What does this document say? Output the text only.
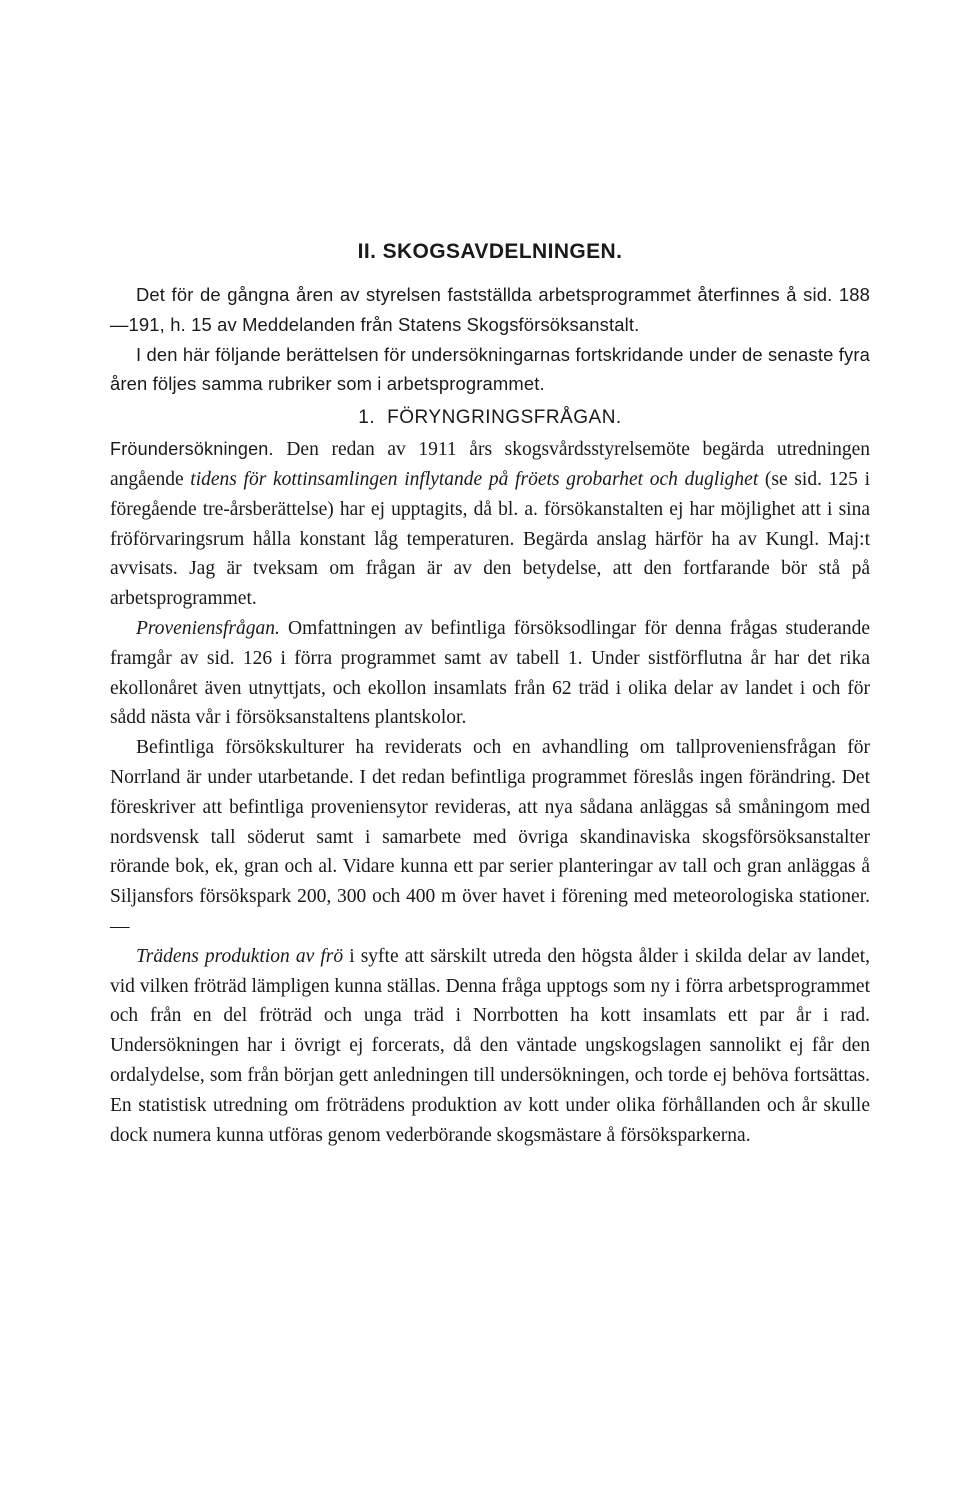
II. SKOGSAVDELNINGEN.

Det för de gångna åren av styrelsen fastställda arbetsprogrammet återfinnes å sid. 188—191, h. 15 av Meddelanden från Statens Skogsförsöksanstalt.

I den här följande berättelsen för undersökningarnas fortskridande under de senaste fyra åren följes samma rubriker som i arbetsprogrammet.

1. FÖRYNGRINGSFRÅGAN.

Fröundersökningen. Den redan av 1911 års skogsvårdsstyrelsemöte begärda utredningen angående tidens för kottinsamlingen inflytande på fröets grobarhet och duglighet (se sid. 125 i föregående tre-årsberättelse) har ej upptagits, då bl. a. försökanstalten ej har möjlighet att i sina fröförvaringsrum hålla konstant låg temperaturen. Begärda anslag härför ha av Kungl. Maj:t avvisats. Jag är tveksam om frågan är av den betydelse, att den fortfarande bör stå på arbetsprogrammet.

Proveniensfrågan. Omfattningen av befintliga försöksodlingar för denna frågas studerande framgår av sid. 126 i förra programmet samt av tabell 1. Under sistförflutna år har det rika ekollonåret även utnyttjats, och ekollon insamlats från 62 träd i olika delar av landet i och för sådd nästa vår i försöksanstaltens plantskolor.

Befintliga försökskulturer ha reviderats och en avhandling om tallproveniensfrågan för Norrland är under utarbetande. I det redan befintliga programmet föreslås ingen förändring. Det föreskriver att befintliga proveniensytor revideras, att nya sådana anläggas så småningom med nordsvensk tall söderut samt i samarbete med övriga skandinaviska skogsförsöksanstalter rörande bok, ek, gran och al. Vidare kunna ett par serier planteringar av tall och gran anläggas å Siljansfors försökspark 200, 300 och 400 m över havet i förening med meteorologiska stationer. —

Trädens produktion av frö i syfte att särskilt utreda den högsta ålder i skilda delar av landet, vid vilken fröträd lämpligen kunna ställas. Denna fråga upptogs som ny i förra arbetsprogrammet och från en del fröträd och unga träd i Norrbotten ha kott insamlats ett par år i rad. Undersökningen har i övrigt ej forcerats, då den väntade ungskogslagen sannolikt ej får den ordalydelse, som från början gett anledningen till undersökningen, och torde ej behöva fortsättas. En statistisk utredning om fröträdens produktion av kott under olika förhållanden och år skulle dock numera kunna utföras genom vederbörande skogsmästare å försöksparkerna.
